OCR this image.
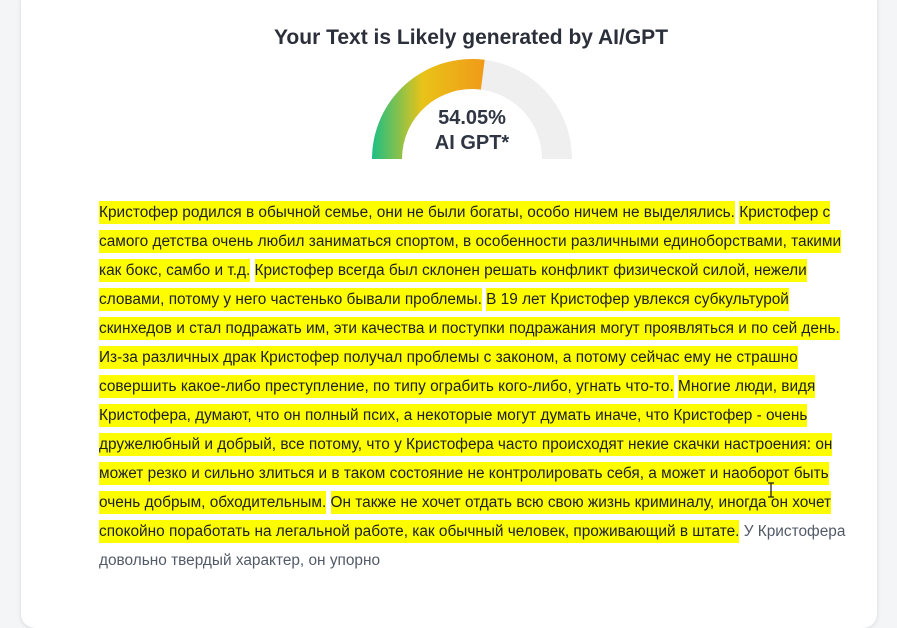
Your Text is Likely generated by AI/GPT
54.05%
AI GPT*

Кристофер родился в обычной семье, они не были богаты, особо ничем не выделялись. Кристофер с самого детства очень любил заниматься спортом, в особенности различными единоборствами, такими как бокс, самбо и т.д. Кристофер всегда был склонен решать конфликт физической силой, нежели словами, потому у него частенько бывали проблемы. В 19 лет Кристофер увлекся субкультурой скинхедов и стал подражать им, эти качества и поступки подражания могут проявляться и по сей день. Из-за различных драк Кристофер получал проблемы с законом, а потому сейчас ему не страшно совершить какое-либо преступление, по типу ограбить кого-либо, угнать что-то. Многие люди, видя Кристофера, думают, что он полный псих, а некоторые могут думать иначе, что Кристофер - очень дружелюбный и добрый, все потому, что у Кристофера часто происходят некие скачки настроения: он может резко и сильно злиться и в таком состояние не контролировать себя, а может и наоборот быть очень добрым, обходительным. Он также не хочет отдать всю свою жизнь криминалу, иногда он хочет спокойно поработать на легальной работе, как обычный человек, проживающий в штате. У Кристофера довольно твердый характер, он упорно
